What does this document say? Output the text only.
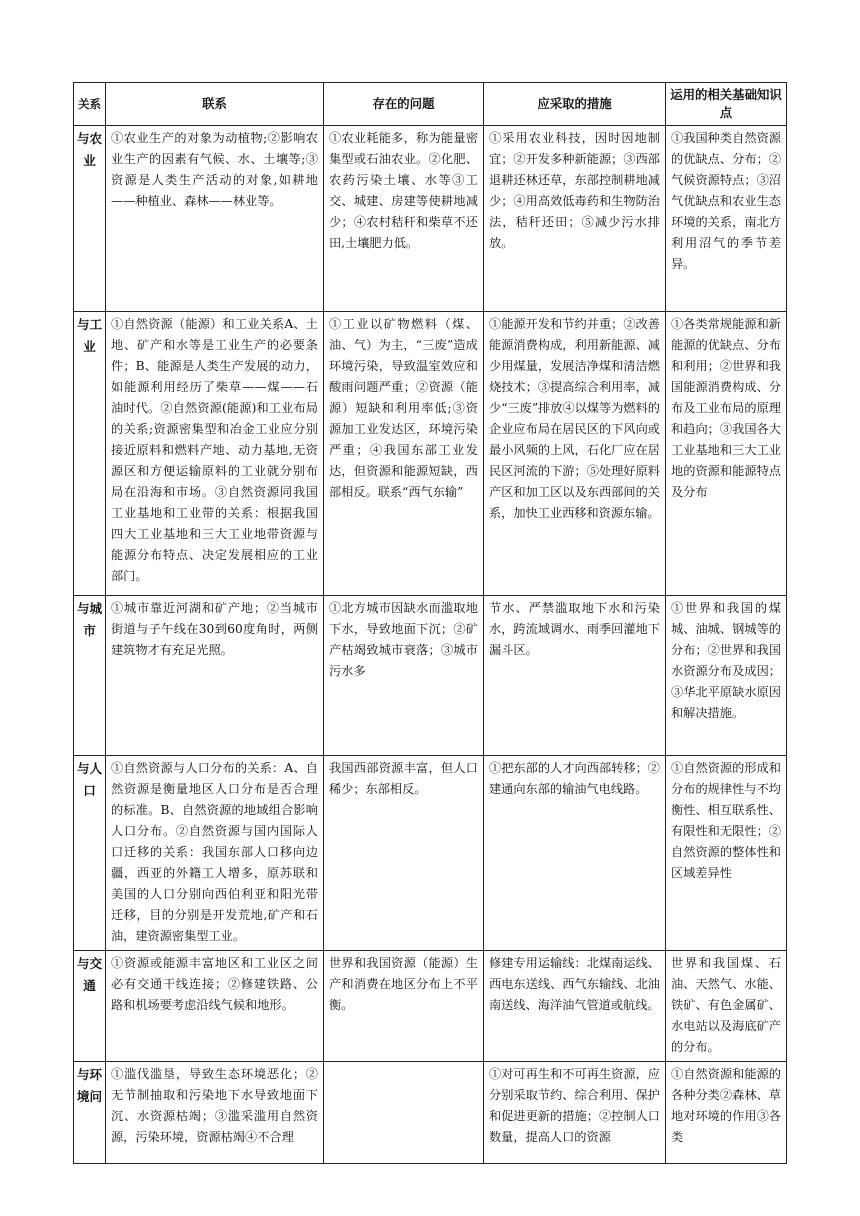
关系	联系	存在的问题	应采取的措施	运用的相关基础知识点
与农业	①农业生产的对象为动植物;②影响农业生产的因素有气候、水、土壤等;③资源是人类生产活动的对象,如耕地——种植业、森林——林业等。	①农业耗能多，称为能量密集型或石油农业。②化肥、农药污染土壤、水等③工交、城建、房建等使耕地减少；④农村秸秆和柴草不还田,土壤肥力低。	①采用农业科技，因时因地制宜；②开发多种新能源；③西部退耕还林还草，东部控制耕地减少；④用高效低毒药和生物防治法，秸秆还田；⑤减少污水排放。	①我国种类自然资源的优缺点、分布；②气候资源特点；③沼气优缺点和农业生态环境的关系，南北方利用沼气的季节差异。
与工业	①自然资源（能源）和工业关系A、土地、矿产和水等是工业生产的必要条件；B、能源是人类生产发展的动力，如能源利用经历了柴草——煤——石油时代。②自然资源(能源)和工业布局的关系;资源密集型和冶金工业应分别接近原料和燃料产地、动力基地,无资源区和方便运输原料的工业就分别布局在沿海和市场。③自然资源同我国工业基地和工业带的关系：根据我国四大工业基地和三大工业地带资源与能源分布特点、决定发展相应的工业部门。	①工业以矿物燃料（煤、油、气）为主，“三废”造成环境污染，导致温室效应和酸雨问题严重；②资源（能源）短缺和利用率低;③资源加工业发达区，环境污染严重；④我国东部工业发达，但资源和能源短缺，西部相反。联系“西气东输”	①能源开发和节约并重；②改善能源消费构成，利用新能源、减少用煤量，发展洁净煤和清洁燃烧技术；③提高综合利用率，减少“三废”排放④以煤等为燃料的企业应布局在居民区的下风向或最小风频的上风，石化厂应在居民区河流的下游；⑤处理好原料产区和加工区以及东西部间的关系，加快工业西移和资源东输。	①各类常规能源和新能源的优缺点、分布和利用；②世界和我国能源消费构成、分布及工业布局的原理和趋向；③我国各大工业基地和三大工业地的资源和能源特点及分布
与城市	①城市靠近河湖和矿产地；②当城市街道与子午线在30到60度角时，两侧建筑物才有充足光照。	①北方城市因缺水而滥取地下水，导致地面下沉；②矿产枯竭致城市衰落；③城市污水多	节水、严禁滥取地下水和污染水，跨流域调水、雨季回灌地下漏斗区。	①世界和我国的煤城、油城、钢城等的分布；②世界和我国水资源分布及成因；③华北平原缺水原因和解决措施。
与人口	①自然资源与人口分布的关系：A、自然资源是衡量地区人口分布是否合理的标准。B、自然资源的地域组合影响人口分布。②自然资源与国内国际人口迁移的关系：我国东部人口移向边疆，西亚的外籍工人增多，原苏联和美国的人口分别向西伯利亚和阳光带迁移，目的分别是开发荒地,矿产和石油，建资源密集型工业。	我国西部资源丰富，但人口稀少；东部相反。	①把东部的人才向西部转移；②建通向东部的输油气电线路。	①自然资源的形成和分布的规律性与不均衡性、相互联系性、有限性和无限性；②自然资源的整体性和区域差异性
与交通	①资源或能源丰富地区和工业区之间必有交通干线连接；②修建铁路、公路和机场要考虑沿线气候和地形。	世界和我国资源（能源）生产和消费在地区分布上不平衡。	修建专用运输线：北煤南运线、西电东送线、西气东输线、北油南送线、海洋油气管道或航线。	世界和我国煤、石油、天然气、水能、铁矿、有色金属矿、水电站以及海底矿产的分布。
与环境问	①滥伐滥垦，导致生态环境恶化；②无节制抽取和污染地下水导致地面下沉、水资源枯竭；③滥采滥用自然资源，污染环境，资源枯竭④不合理		①对可再生和不可再生资源，应分别采取节约、综合利用、保护和促进更新的措施；②控制人口数量，提高人口的资源	①自然资源和能源的各种分类②森林、草地对环境的作用③各类
